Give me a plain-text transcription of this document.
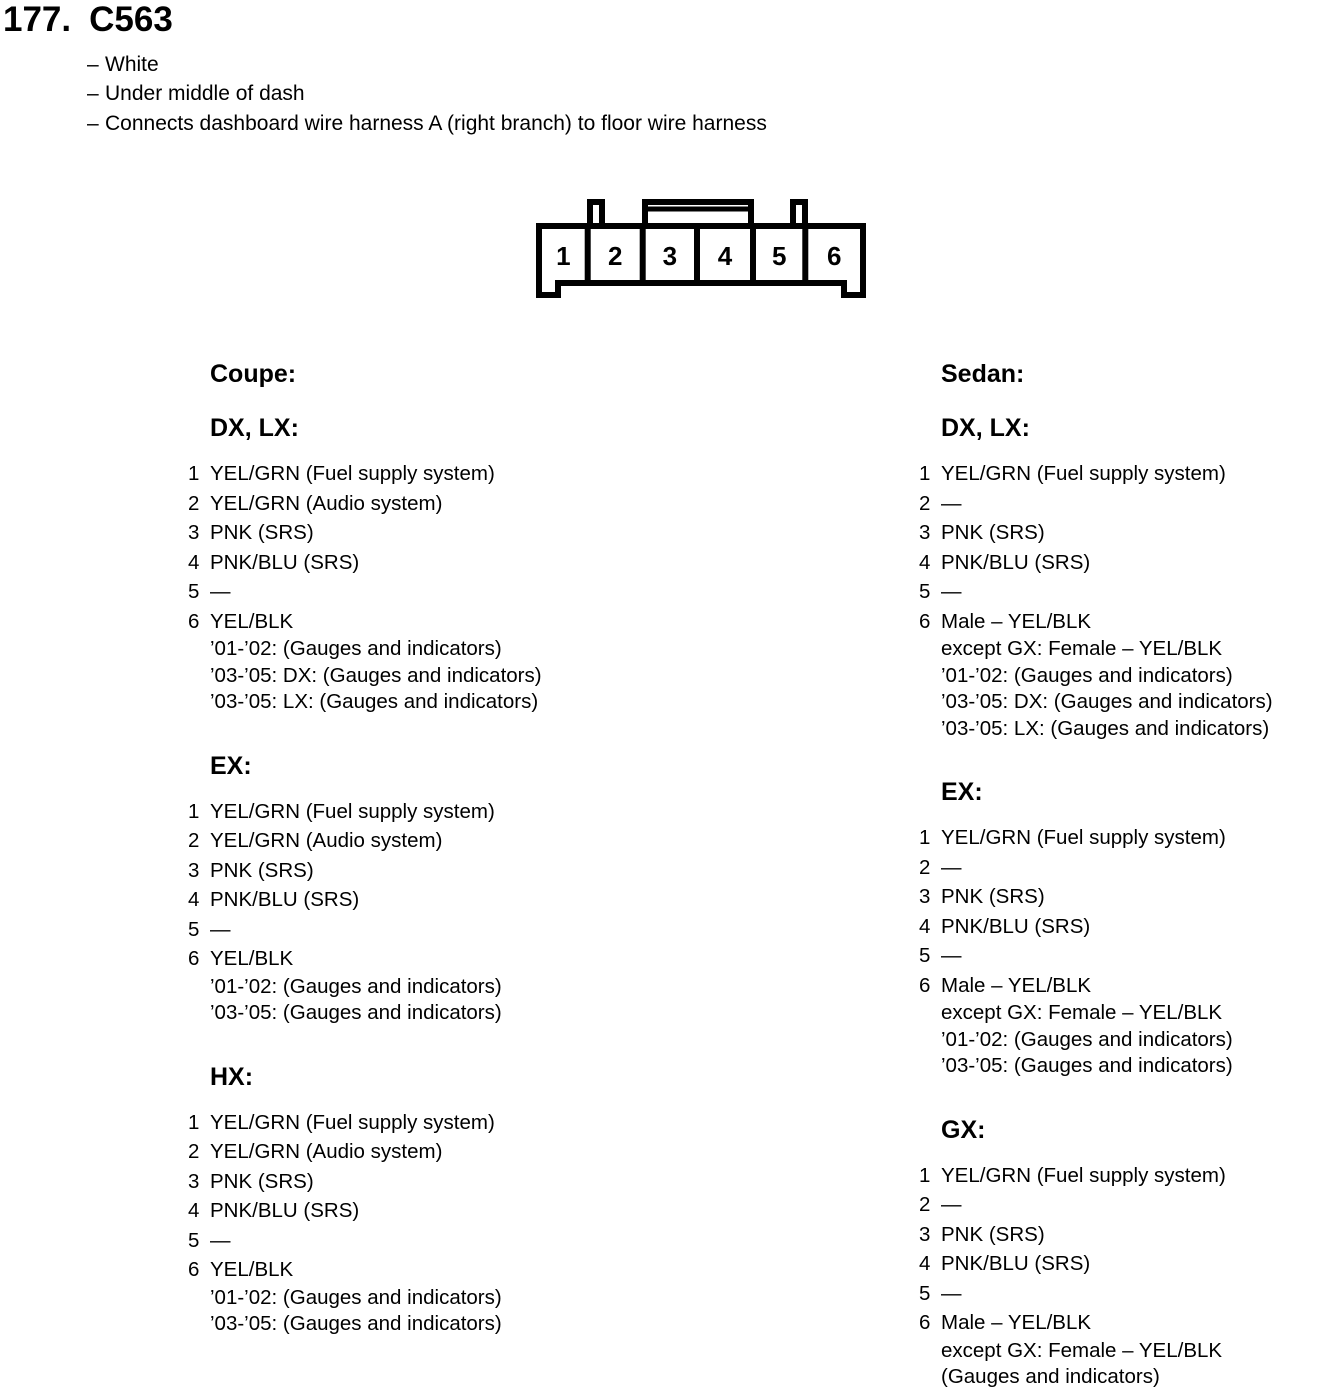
177. C563
– White
– Under middle of dash
– Connects dashboard wire harness A (right branch) to floor wire harness
1 2 3 4 5 6
Coupe:
DX, LX:
1 YEL/GRN (Fuel supply system)
2 YEL/GRN (Audio system)
3 PNK (SRS)
4 PNK/BLU (SRS)
5 —
6 YEL/BLK
’01-’02: (Gauges and indicators)
’03-’05: DX: (Gauges and indicators)
’03-’05: LX: (Gauges and indicators)
EX:
1 YEL/GRN (Fuel supply system)
2 YEL/GRN (Audio system)
3 PNK (SRS)
4 PNK/BLU (SRS)
5 —
6 YEL/BLK
’01-’02: (Gauges and indicators)
’03-’05: (Gauges and indicators)
HX:
1 YEL/GRN (Fuel supply system)
2 YEL/GRN (Audio system)
3 PNK (SRS)
4 PNK/BLU (SRS)
5 —
6 YEL/BLK
’01-’02: (Gauges and indicators)
’03-’05: (Gauges and indicators)
Sedan:
DX, LX:
1 YEL/GRN (Fuel supply system)
2 —
3 PNK (SRS)
4 PNK/BLU (SRS)
5 —
6 Male – YEL/BLK
except GX: Female – YEL/BLK
’01-’02: (Gauges and indicators)
’03-’05: DX: (Gauges and indicators)
’03-’05: LX: (Gauges and indicators)
EX:
1 YEL/GRN (Fuel supply system)
2 —
3 PNK (SRS)
4 PNK/BLU (SRS)
5 —
6 Male – YEL/BLK
except GX: Female – YEL/BLK
’01-’02: (Gauges and indicators)
’03-’05: (Gauges and indicators)
GX:
1 YEL/GRN (Fuel supply system)
2 —
3 PNK (SRS)
4 PNK/BLU (SRS)
5 —
6 Male – YEL/BLK
except GX: Female – YEL/BLK
(Gauges and indicators)
